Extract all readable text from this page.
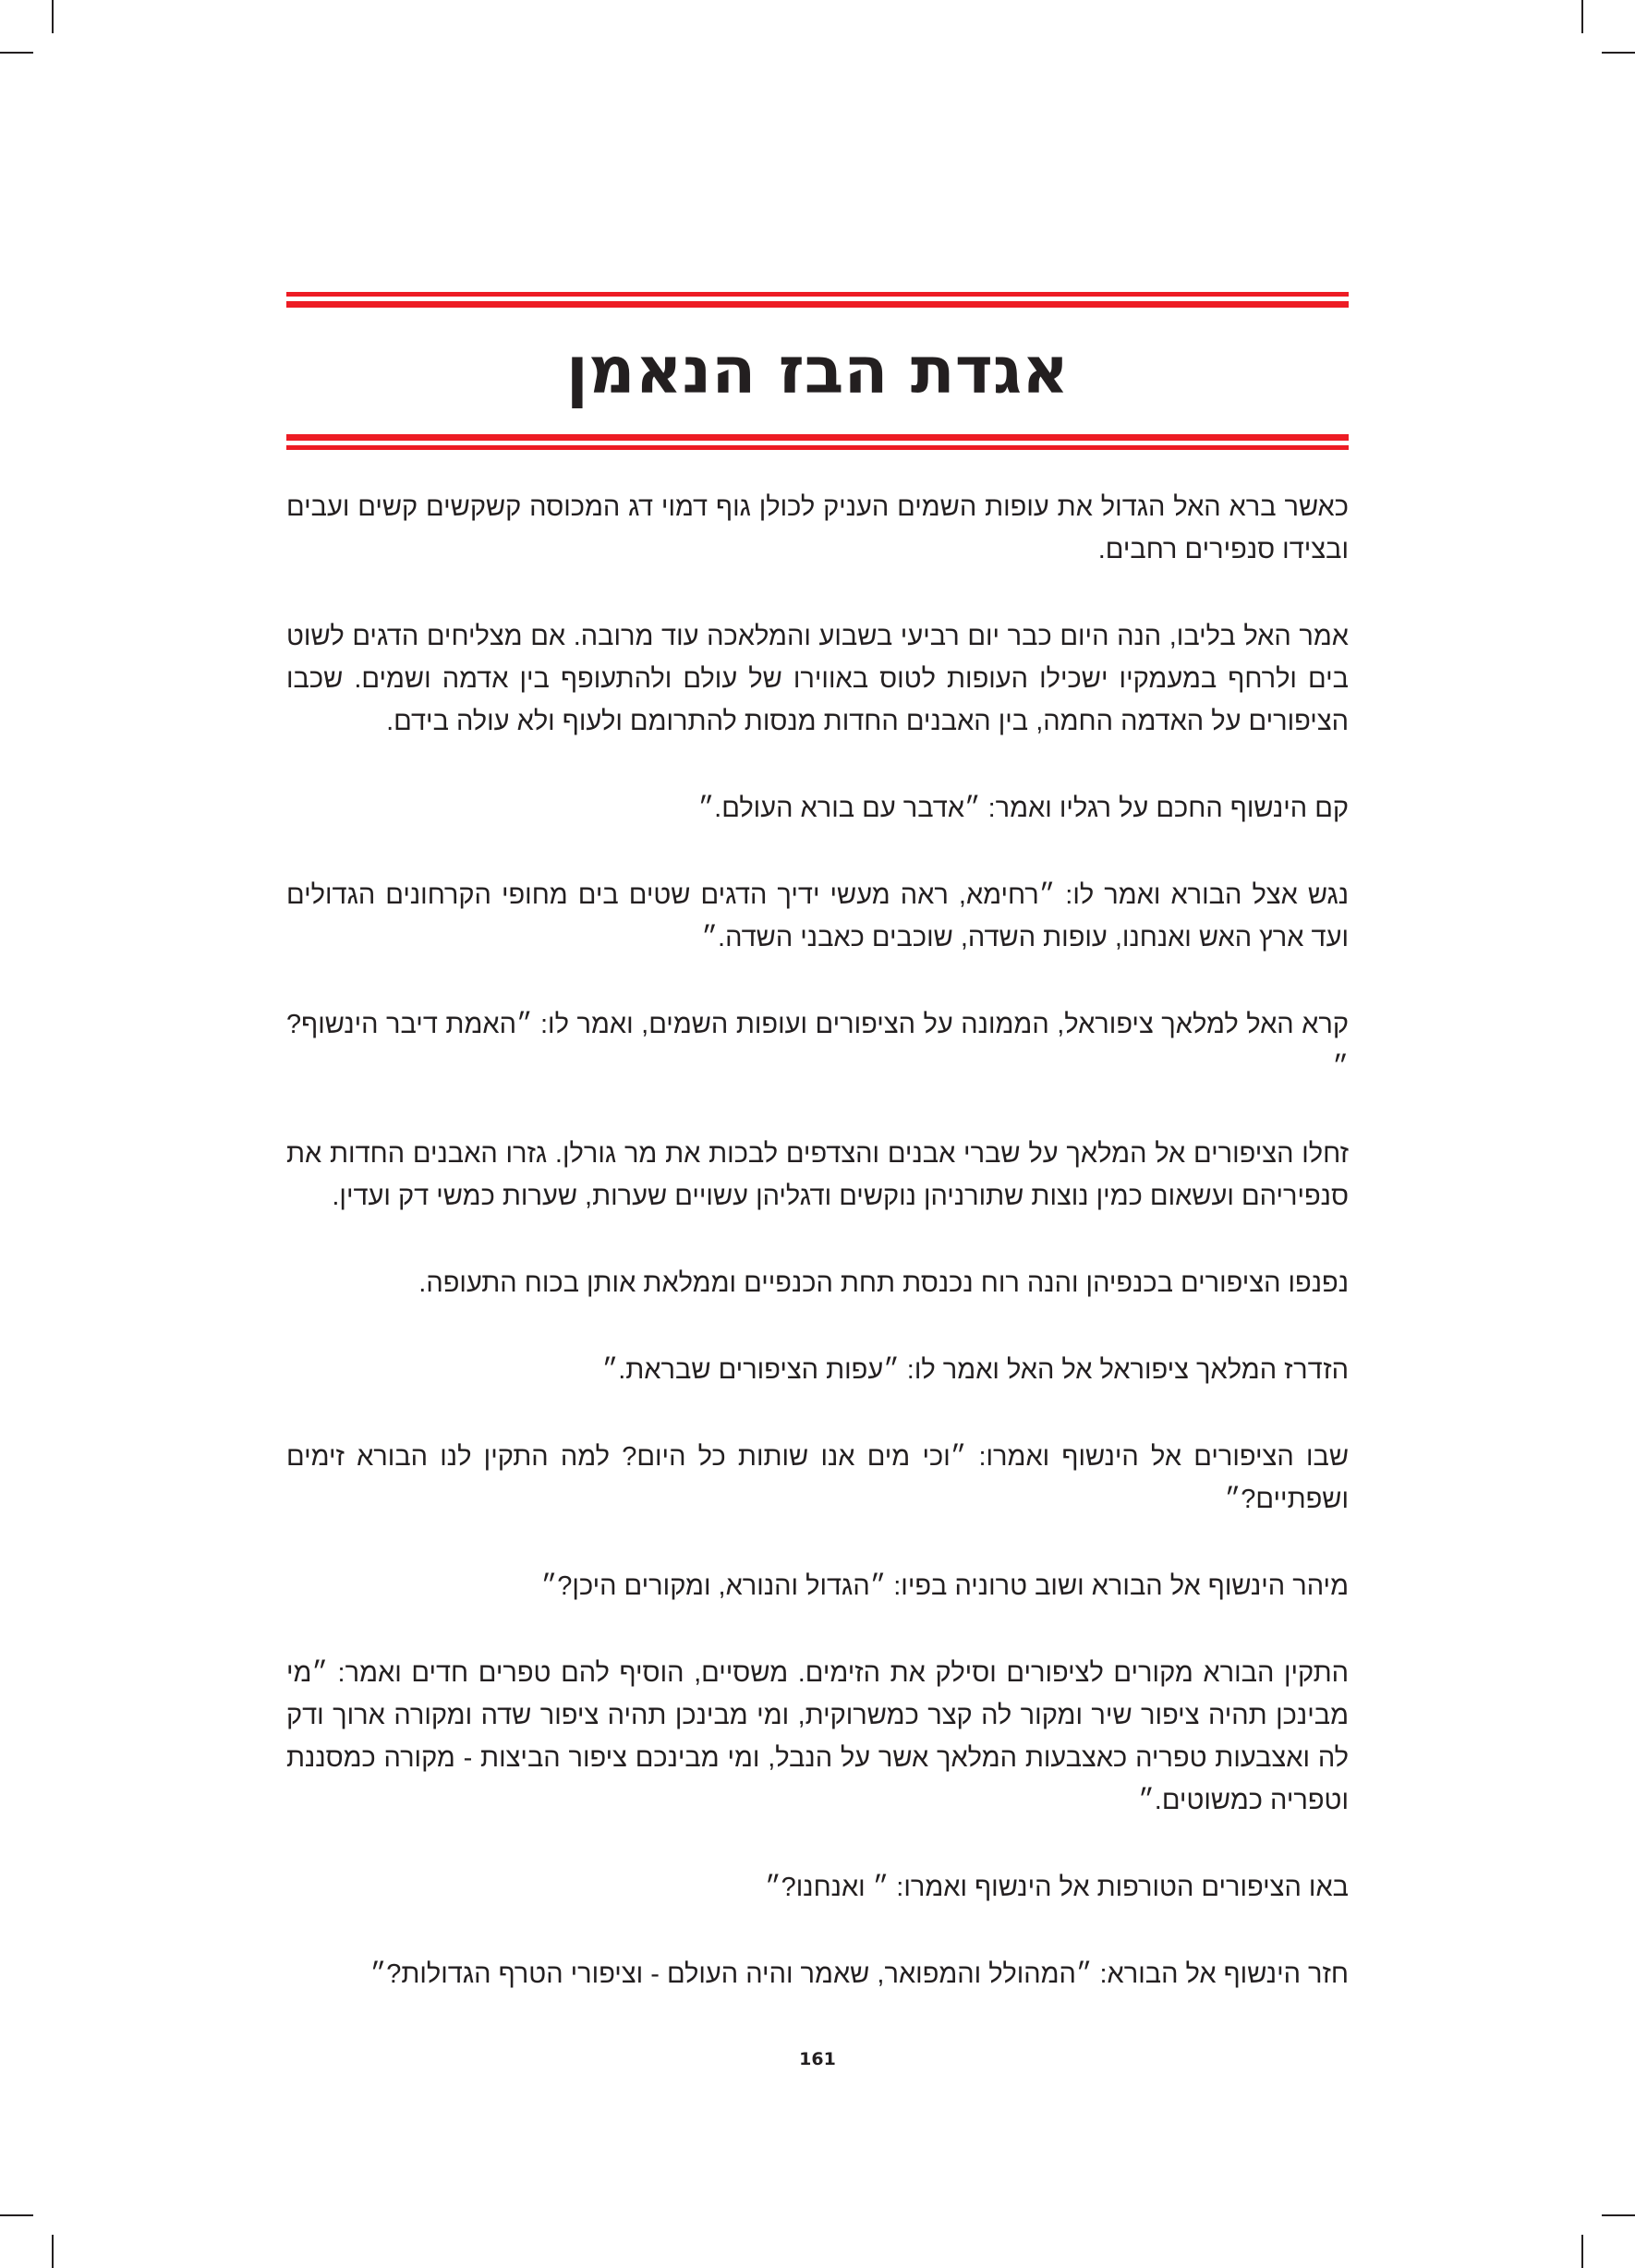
אגדת הבז הנאמן

כאשר ברא האל הגדול את עופות השמים העניק לכולן גוף דמוי דג המכוסה קשקשים קשים ועבים ובצידו סנפירים רחבים.

אמר האל בליבו, הנה היום כבר יום רביעי בשבוע והמלאכה עוד מרובה. אם מצליחים הדגים לשוט בים ולרחף במעמקיו ישכילו העופות לטוס באווירו של עולם ולהתעופף בין אדמה ושמים. שכבו הציפורים על האדמה החמה, בין האבנים החדות מנסות להתרומם ולעוף ולא עולה בידם.

קם הינשוף החכם על רגליו ואמר: ״אדבר עם בורא העולם.״

נגש אצל הבורא ואמר לו: ״רחימא, ראה מעשי ידיך הדגים שטים בים מחופי הקרחונים הגדולים ועד ארץ האש ואנחנו, עופות השדה, שוכבים כאבני השדה.״

קרא האל למלאך ציפוראל, הממונה על הציפורים ועופות השמים, ואמר לו: ״האמת דיבר הינשוף?״

זחלו הציפורים אל המלאך על שברי אבנים והצדפים לבכות את מר גורלן. גזרו האבנים החדות את סנפיריהם ועשאום כמין נוצות שתורניהן נוקשים ודגליהן עשויים שערות, שערות כמשי דק ועדין.

נפנפו הציפורים בכנפיהן והנה רוח נכנסת תחת הכנפיים וממלאת אותן בכוח התעופה.

הזדרז המלאך ציפוראל אל האל ואמר לו: ״עפות הציפורים שבראת.״

שבו הציפורים אל הינשוף ואמרו: ״וכי מים אנו שותות כל היום? למה התקין לנו הבורא זימים ושפתיים?״

מיהר הינשוף אל הבורא ושוב טרוניה בפיו: ״הגדול והנורא, ומקורים היכן?״

התקין הבורא מקורים לציפורים וסילק את הזימים. משסיים, הוסיף להם טפרים חדים ואמר: ״מי מבינכן תהיה ציפור שיר ומקור לה קצר כמשרוקית, ומי מבינכן תהיה ציפור שדה ומקורה ארוך ודק לה ואצבעות טפריה כאצבעות המלאך אשר על הנבל, ומי מבינכם ציפור הביצות - מקורה כמסננת וטפריה כמשוטים.״

באו הציפורים הטורפות אל הינשוף ואמרו: ״ ואנחנו?״

חזר הינשוף אל הבורא: ״המהולל והמפואר, שאמר והיה העולם - וציפורי הטרף הגדולות?״

161
